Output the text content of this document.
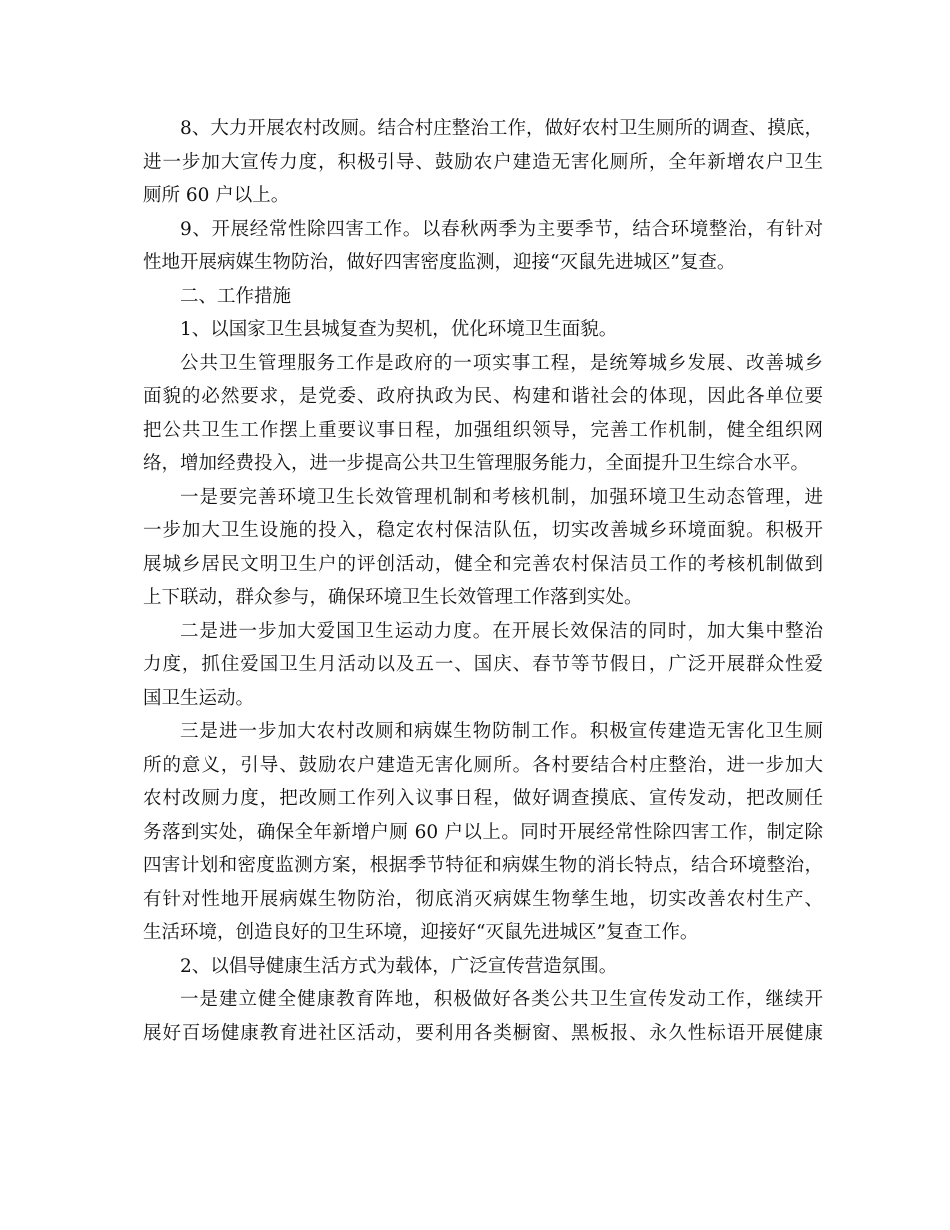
8、大力开展农村改厕。结合村庄整治工作，做好农村卫生厕所的调查、摸底，
进一步加大宣传力度，积极引导、鼓励农户建造无害化厕所，全年新增农户卫生
厕所 60 户以上。

9、开展经常性除四害工作。以春秋两季为主要季节，结合环境整治，有针对
性地开展病媒生物防治，做好四害密度监测，迎接“灭鼠先进城区”复查。

二、工作措施

1、以国家卫生县城复查为契机，优化环境卫生面貌。

公共卫生管理服务工作是政府的一项实事工程，是统筹城乡发展、改善城乡
面貌的必然要求，是党委、政府执政为民、构建和谐社会的体现，因此各单位要
把公共卫生工作摆上重要议事日程，加强组织领导，完善工作机制，健全组织网
络，增加经费投入，进一步提高公共卫生管理服务能力，全面提升卫生综合水平。

一是要完善环境卫生长效管理机制和考核机制，加强环境卫生动态管理，进
一步加大卫生设施的投入，稳定农村保洁队伍，切实改善城乡环境面貌。积极开
展城乡居民文明卫生户的评创活动，健全和完善农村保洁员工作的考核机制做到
上下联动，群众参与，确保环境卫生长效管理工作落到实处。

二是进一步加大爱国卫生运动力度。在开展长效保洁的同时，加大集中整治
力度，抓住爱国卫生月活动以及五一、国庆、春节等节假日，广泛开展群众性爱
国卫生运动。

三是进一步加大农村改厕和病媒生物防制工作。积极宣传建造无害化卫生厕
所的意义，引导、鼓励农户建造无害化厕所。各村要结合村庄整治，进一步加大
农村改厕力度，把改厕工作列入议事日程，做好调查摸底、宣传发动，把改厕任
务落到实处，确保全年新增户厕 60 户以上。同时开展经常性除四害工作，制定除
四害计划和密度监测方案，根据季节特征和病媒生物的消长特点，结合环境整治，
有针对性地开展病媒生物防治，彻底消灭病媒生物孳生地，切实改善农村生产、
生活环境，创造良好的卫生环境，迎接好“灭鼠先进城区”复查工作。

2、以倡导健康生活方式为载体，广泛宣传营造氛围。

一是建立健全健康教育阵地，积极做好各类公共卫生宣传发动工作，继续开
展好百场健康教育进社区活动，要利用各类橱窗、黑板报、永久性标语开展健康
